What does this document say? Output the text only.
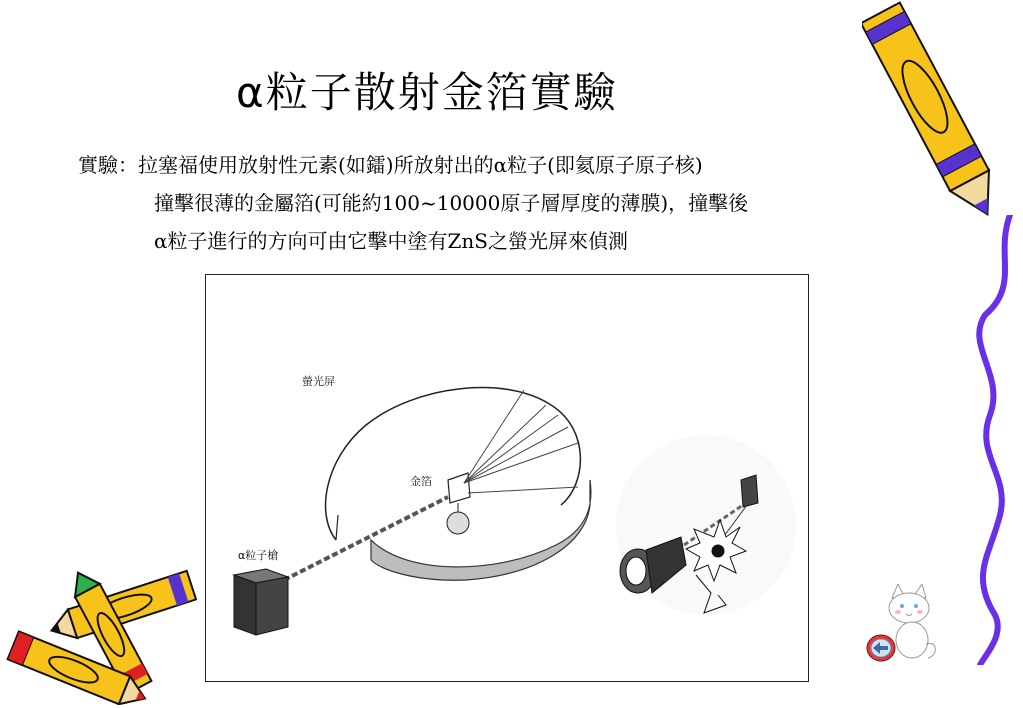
α粒子散射金箔實驗
實驗：拉塞福使用放射性元素(如鐳)所放射出的α粒子(即氦原子原子核)
撞擊很薄的金屬箔(可能約100~10000原子層厚度的薄膜)，撞擊後
α粒子進行的方向可由它擊中塗有ZnS之螢光屏來偵測
螢光屏
金箔
α粒子槍
